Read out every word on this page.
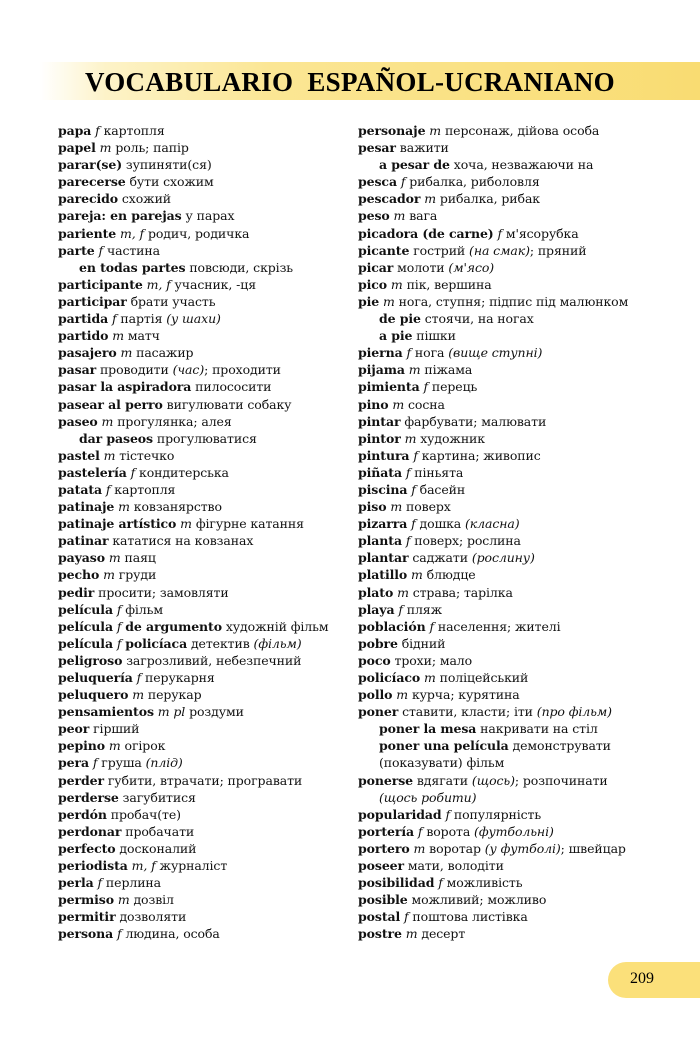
VOCABULARIO  ESPAÑOL-UCRANIANO
papa f картопля
papel m роль; папір
parar(se) зупиняти(ся)
parecerse бути схожим
parecido схожий
pareja: en parejas у парах
pariente m, f родич, родичка
parte f частина
en todas partes повсюди, скрізь
participante m, f учасник, -ця
participar брати участь
partida f партія (у шахи)
partido m матч
pasajero m пасажир
pasar проводити (час); проходити
pasar la aspiradora пилососити
pasear al perro вигулювати собаку
paseo m прогулянка; алея
dar paseos прогулюватися
pastel m тістечко
pastelería f кондитерська
patata f картопля
patinaje m ковзанярство
patinaje artístico m фігурне катання
patinar кататися на ковзанах
payaso m паяц
pecho m груди
pedir просити; замовляти
película f фільм
película f de argumento художній фільм
película f policíaca детектив (фільм)
peligroso загрозливий, небезпечний
peluquería f перукарня
peluquero m перукар
pensamientos m pl роздуми
peor гірший
pepino m огірок
pera f груша (плід)
perder губити, втрачати; програвати
perderse загубитися
perdón пробач(те)
perdonar пробачати
perfecto досконалий
periodista m, f журналіст
perla f перлина
permiso m дозвіл
permitir дозволяти
persona f людина, особа
personaje m персонаж, дійова особа
pesar важити
a pesar de хоча, незважаючи на
pesca f рибалка, риболовля
pescador m рибалка, рибак
peso m вага
picadora (de carne) f м'ясорубка
picante гострий (на смак); пряний
picar молоти (м'ясо)
pico m пік, вершина
pie m нога, ступня; підпис під малюнком
de pie стоячи, на ногах
a pie пішки
pierna f нога (вище ступні)
pijama m піжама
pimienta f перець
pino m сосна
pintar фарбувати; малювати
pintor m художник
pintura f картина; живопис
piñata f піньята
piscina f басейн
piso m поверх
pizarra f дошка (класна)
planta f поверх; рослина
plantar саджати (рослину)
platillo m блюдце
plato m страва; тарілка
playa f пляж
población f населення; жителі
pobre бідний
poco трохи; мало
policíaco m поліцейський
pollo m курча; курятина
poner ставити, класти; іти (про фільм)
poner la mesa накривати на стіл
poner una película демонструвати
(показувати) фільм
ponerse вдягати (щось); розпочинати
(щось робити)
popularidad f популярність
portería f ворота (футбольні)
portero m воротар (у футболі); швейцар
poseer мати, володіти
posibilidad f можливість
posible можливий; можливо
postal f поштова листівка
postre m десерт
209
